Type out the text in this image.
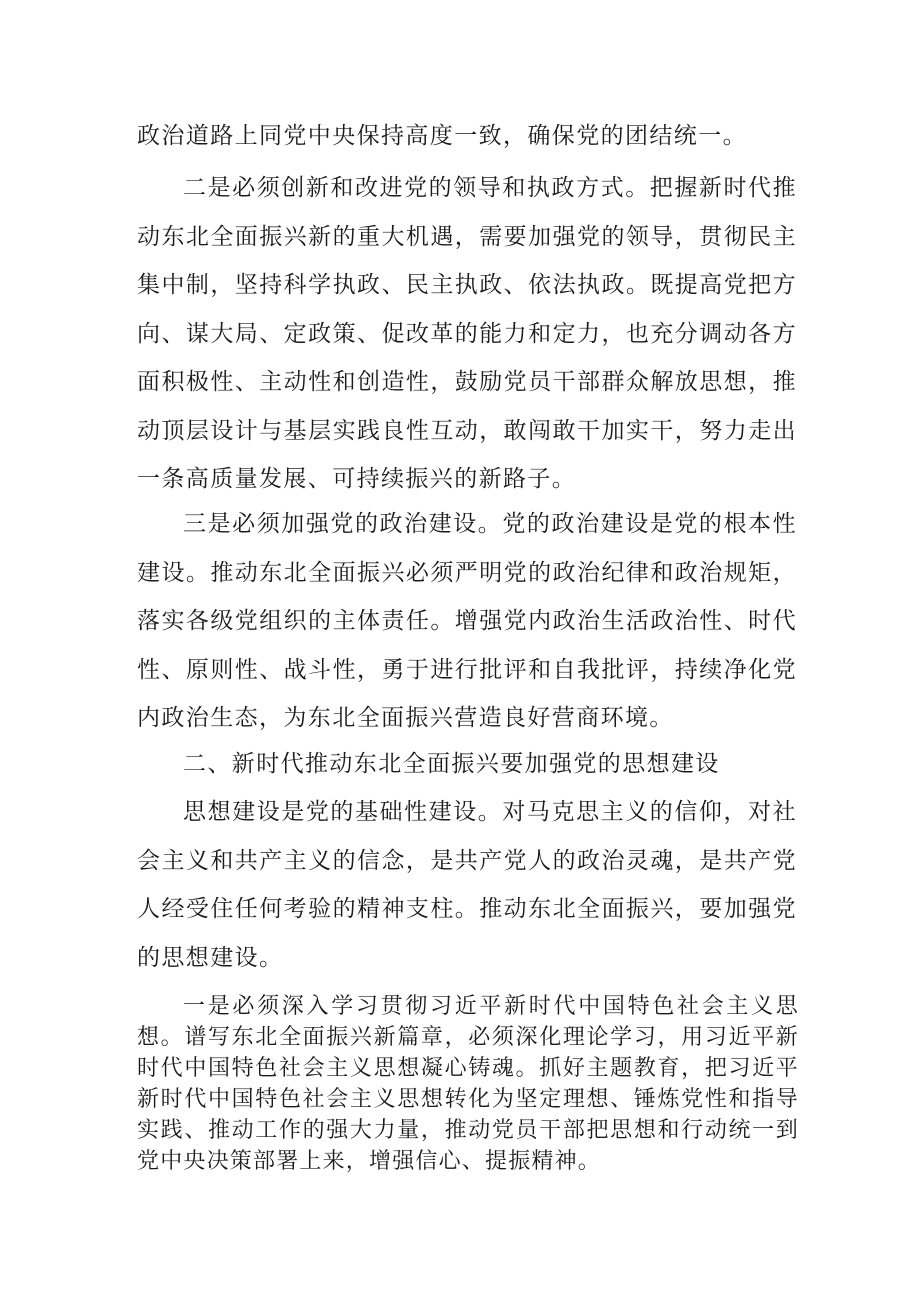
政治道路上同党中央保持高度一致，确保党的团结统一。

二是必须创新和改进党的领导和执政方式。把握新时代推动东北全面振兴新的重大机遇，需要加强党的领导，贯彻民主集中制，坚持科学执政、民主执政、依法执政。既提高党把方向、谋大局、定政策、促改革的能力和定力，也充分调动各方面积极性、主动性和创造性，鼓励党员干部群众解放思想，推动顶层设计与基层实践良性互动，敢闯敢干加实干，努力走出一条高质量发展、可持续振兴的新路子。

三是必须加强党的政治建设。党的政治建设是党的根本性建设。推动东北全面振兴必须严明党的政治纪律和政治规矩，落实各级党组织的主体责任。增强党内政治生活政治性、时代性、原则性、战斗性，勇于进行批评和自我批评，持续净化党内政治生态，为东北全面振兴营造良好营商环境。

二、新时代推动东北全面振兴要加强党的思想建设

思想建设是党的基础性建设。对马克思主义的信仰，对社会主义和共产主义的信念，是共产党人的政治灵魂，是共产党人经受住任何考验的精神支柱。推动东北全面振兴，要加强党的思想建设。

一是必须深入学习贯彻习近平新时代中国特色社会主义思想。谱写东北全面振兴新篇章，必须深化理论学习，用习近平新时代中国特色社会主义思想凝心铸魂。抓好主题教育，把习近平新时代中国特色社会主义思想转化为坚定理想、锤炼党性和指导实践、推动工作的强大力量，推动党员干部把思想和行动统一到党中央决策部署上来，增强信心、提振精神。
